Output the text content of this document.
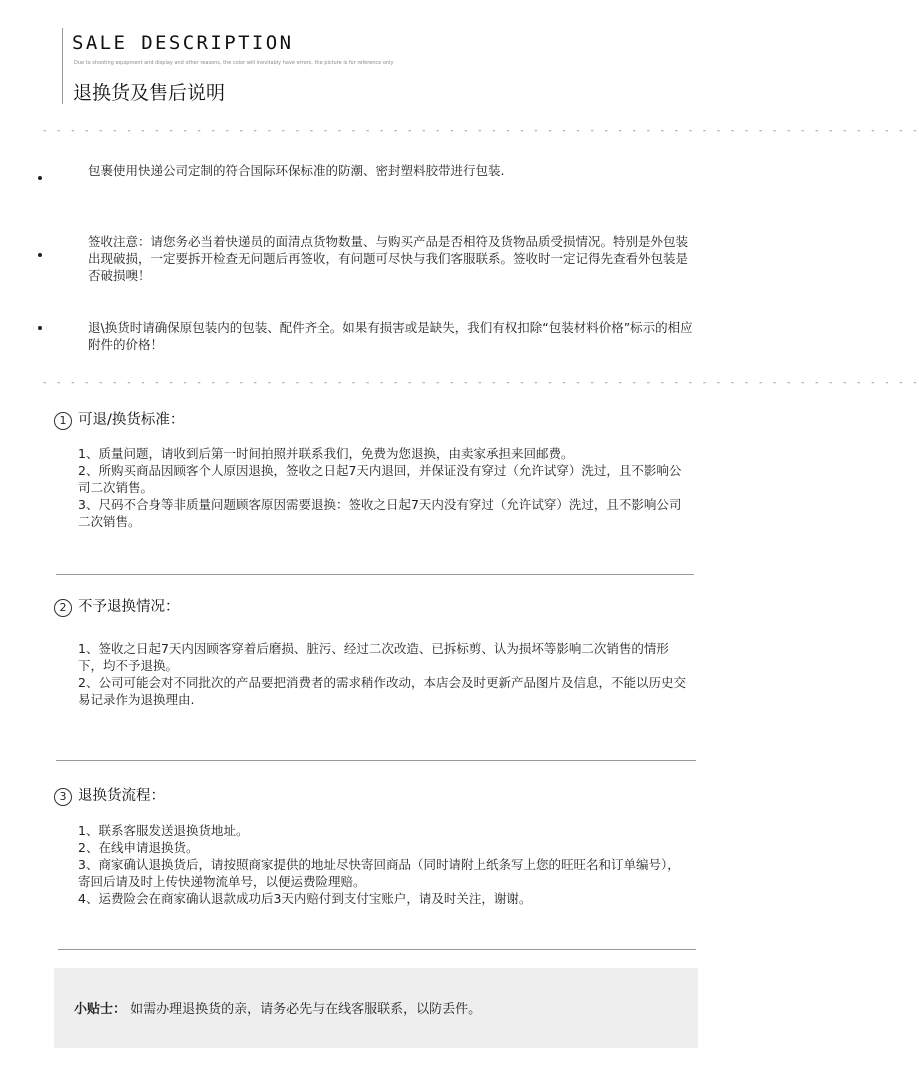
SALE DESCRIPTION
Due to shooting equipment and display and other reasons, the color will inevitably have errors, the picture is for reference only
退换货及售后说明
- - - - - - - - - - - - - - - - - - - - - - - - - - - - - - - - - - - - - - - - - - - - - - - - - - - - - - - - - - - - - - -
包裹使用快递公司定制的符合国际环保标准的防潮、密封塑料胶带进行包装.
签收注意：请您务必当着快递员的面清点货物数量、与购买产品是否相符及货物品质受损情况。特别是外包装出现破损，一定要拆开检查无问题后再签收，有问题可尽快与我们客服联系。签收时一定记得先查看外包装是否破损噢！
退\换货时请确保原包装内的包装、配件齐全。如果有损害或是缺失，我们有权扣除“包装材料价格”标示的相应附件的价格！
- - - - - - - - - - - - - - - - - - - - - - - - - - - - - - - - - - - - - - - - - - - - - - - - - - - - - - - - - - - - - - -
1 可退/换货标准：

1、质量问题，请收到后第一时间拍照并联系我们，免费为您退换，由卖家承担来回邮费。

2、所购买商品因顾客个人原因退换，签收之日起7天内退回，并保证没有穿过（允许试穿）洗过，且不影响公司二次销售。

3、尺码不合身等非质量问题顾客原因需要退换：签收之日起7天内没有穿过（允许试穿）洗过，且不影响公司二次销售。

2 不予退换情况：

1、签收之日起7天内因顾客穿着后磨损、脏污、经过二次改造、已拆标剪、认为损坏等影响二次销售的情形下，均不予退换。

2、公司可能会对不同批次的产品要把消费者的需求稍作改动，本店会及时更新产品图片及信息，不能以历史交易记录作为退换理由.

3 退换货流程：

1、联系客服发送退换货地址。

2、在线申请退换货。

3、商家确认退换货后，请按照商家提供的地址尽快寄回商品（同时请附上纸条写上您的旺旺名和订单编号），寄回后请及时上传快递物流单号，以便运费险理赔。

4、运费险会在商家确认退款成功后3天内赔付到支付宝账户，请及时关注，谢谢。

小贴士： 如需办理退换货的亲，请务必先与在线客服联系，以防丢件。
